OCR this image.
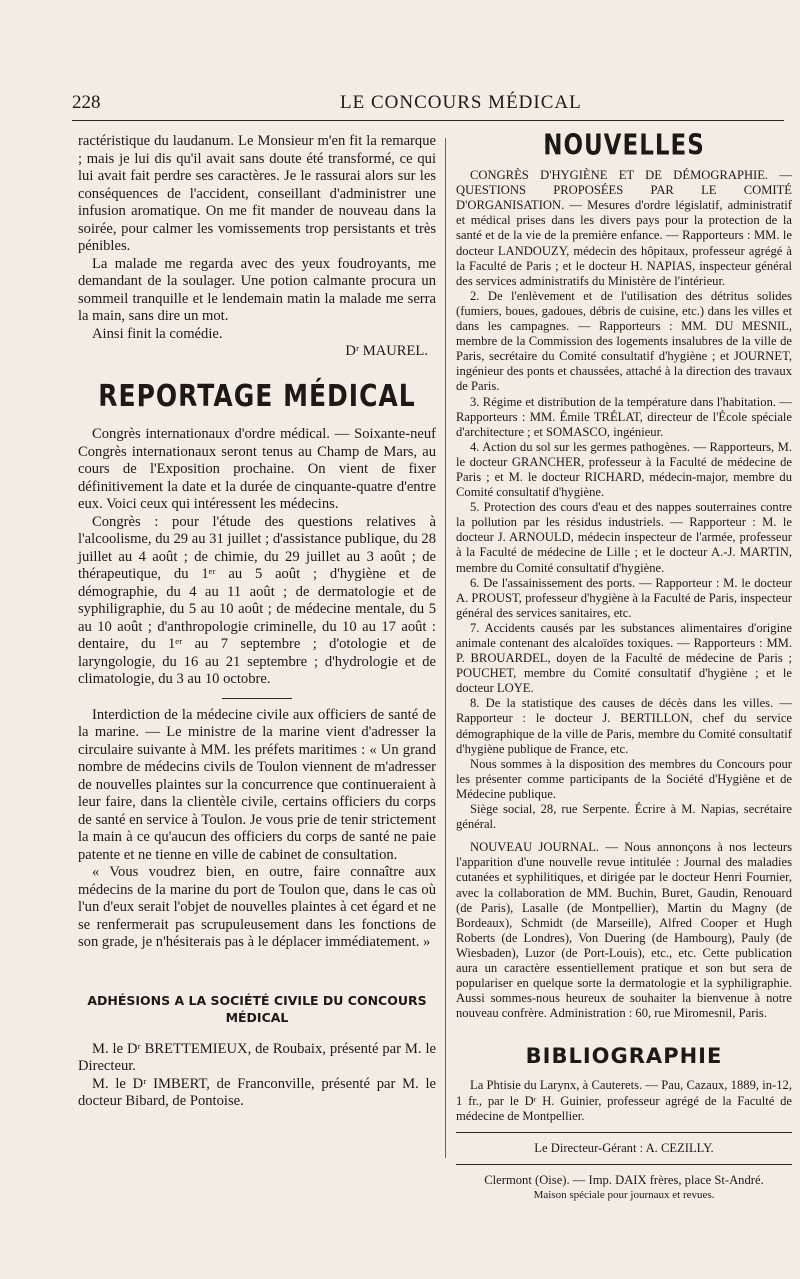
228	LE CONCOURS MÉDICAL

ractéristique du laudanum. Le Monsieur m'en fit la remarque ; mais je lui dis qu'il avait sans doute été transformé, ce qui lui avait fait perdre ses caractères. Je le rassurai alors sur les conséquences de l'accident, conseillant d'administrer une infusion aromatique. On me fit mander de nouveau dans la soirée, pour calmer les vomissements trop persistants et très pénibles.

La malade me regarda avec des yeux foudroyants, me demandant de la soulager. Une potion calmante procura un sommeil tranquille et le lendemain matin la malade me serra la main, sans dire un mot.

Ainsi finit la comédie.

Dʳ MAUREL.

REPORTAGE MÉDICAL

Congrès internationaux d'ordre médical. — Soixante-neuf Congrès internationaux seront tenus au Champ de Mars, au cours de l'Exposition prochaine. On vient de fixer définitivement la date et la durée de cinquante-quatre d'entre eux. Voici ceux qui intéressent les médecins.

Congrès : pour l'étude des questions relatives à l'alcoolisme, du 29 au 31 juillet ; d'assistance publique, du 28 juillet au 4 août ; de chimie, du 29 juillet au 3 août ; de thérapeutique, du 1ᵉʳ au 5 août ; d'hygiène et de démographie, du 4 au 11 août ; de dermatologie et de syphiligraphie, du 5 au 10 août ; de médecine mentale, du 5 au 10 août ; d'anthropologie criminelle, du 10 au 17 août : dentaire, du 1ᵉʳ au 7 septembre ; d'otologie et de laryngologie, du 16 au 21 septembre ; d'hydrologie et de climatologie, du 3 au 10 octobre.

Interdiction de la médecine civile aux officiers de santé de la marine. — Le ministre de la marine vient d'adresser la circulaire suivante à MM. les préfets maritimes : « Un grand nombre de médecins civils de Toulon viennent de m'adresser de nouvelles plaintes sur la concurrence que continueraient à leur faire, dans la clientèle civile, certains officiers du corps de santé en service à Toulon. Je vous prie de tenir strictement la main à ce qu'aucun des officiers du corps de santé ne paie patente et ne tienne en ville de cabinet de consultation.

« Vous voudrez bien, en outre, faire connaître aux médecins de la marine du port de Toulon que, dans le cas où l'un d'eux serait l'objet de nouvelles plaintes à cet égard et ne se renfermerait pas scrupuleusement dans les fonctions de son grade, je n'hésiterais pas à le déplacer immédiatement. »

ADHÉSIONS A LA SOCIÉTÉ CIVILE DU CONCOURS MÉDICAL

M. le Dʳ BRETTEMIEUX, de Roubaix, présenté par M. le Directeur.

M. le Dʳ IMBERT, de Franconville, présenté par M. le docteur Bibard, de Pontoise.

NOUVELLES

CONGRÈS D'HYGIÈNE ET DE DÉMOGRAPHIE. — QUESTIONS PROPOSÉES PAR LE COMITÉ D'ORGANISATION. — Mesures d'ordre législatif, administratif et médical prises dans les divers pays pour la protection de la santé et de la vie de la première enfance. — Rapporteurs : MM. le docteur LANDOUZY, médecin des hôpitaux, professeur agrégé à la Faculté de Paris ; et le docteur H. NAPIAS, inspecteur général des services administratifs du Ministère de l'intérieur.

2. De l'enlèvement et de l'utilisation des détritus solides (fumiers, boues, gadoues, débris de cuisine, etc.) dans les villes et dans les campagnes. — Rapporteurs : MM. DU MESNIL, membre de la Commission des logements insalubres de la ville de Paris, secrétaire du Comité consultatif d'hygiène ; et JOURNET, ingénieur des ponts et chaussées, attaché à la direction des travaux de Paris.

3. Régime et distribution de la température dans l'habitation. — Rapporteurs : MM. Émile TRÉLAT, directeur de l'École spéciale d'architecture ; et SOMASCO, ingénieur.

4. Action du sol sur les germes pathogènes. — Rapporteurs, M. le docteur GRANCHER, professeur à la Faculté de médecine de Paris ; et M. le docteur RICHARD, médecin-major, membre du Comité consultatif d'hygiène.

5. Protection des cours d'eau et des nappes souterraines contre la pollution par les résidus industriels. — Rapporteur : M. le docteur J. ARNOULD, médecin inspecteur de l'armée, professeur à la Faculté de médecine de Lille ; et le docteur A.-J. MARTIN, membre du Comité consultatif d'hygiène.

6. De l'assainissement des ports. — Rapporteur : M. le docteur A. PROUST, professeur d'hygiène à la Faculté de Paris, inspecteur général des services sanitaires, etc.

7. Accidents causés par les substances alimentaires d'origine animale contenant des alcaloïdes toxiques. — Rapporteurs : MM. P. BROUARDEL, doyen de la Faculté de médecine de Paris ; POUCHET, membre du Comité consultatif d'hygiène ; et le docteur LOYE.

8. De la statistique des causes de décès dans les villes. — Rapporteur : le docteur J. BERTILLON, chef du service démographique de la ville de Paris, membre du Comité consultatif d'hygiène publique de France, etc.

Nous sommes à la disposition des membres du Concours pour les présenter comme participants de la Société d'Hygiène et de Médecine publique.

Siège social, 28, rue Serpente. Écrire à M. Napias, secrétaire général.

NOUVEAU JOURNAL. — Nous annonçons à nos lecteurs l'apparition d'une nouvelle revue intitulée : Journal des maladies cutanées et syphilitiques, et dirigée par le docteur Henri Fournier, avec la collaboration de MM. Buchin, Buret, Gaudin, Renouard (de Paris), Lasalle (de Montpellier), Martin du Magny (de Bordeaux), Schmidt (de Marseille), Alfred Cooper et Hugh Roberts (de Londres), Von Duering (de Hambourg), Pauly (de Wiesbaden), Luzor (de Port-Louis), etc., etc. Cette publication aura un caractère essentiellement pratique et son but sera de populariser en quelque sorte la dermatologie et la syphiligraphie. Aussi sommes-nous heureux de souhaiter la bienvenue à notre nouveau confrère. Administration : 60, rue Miromesnil, Paris.

BIBLIOGRAPHIE

La Phtisie du Larynx, à Cauterets. — Pau, Cazaux, 1889, in-12, 1 fr., par le Dʳ H. Guinier, professeur agrégé de la Faculté de médecine de Montpellier.

Le Directeur-Gérant : A. CEZILLY.

Clermont (Oise). — Imp. DAIX frères, place St-André.

Maison spéciale pour journaux et revues.
